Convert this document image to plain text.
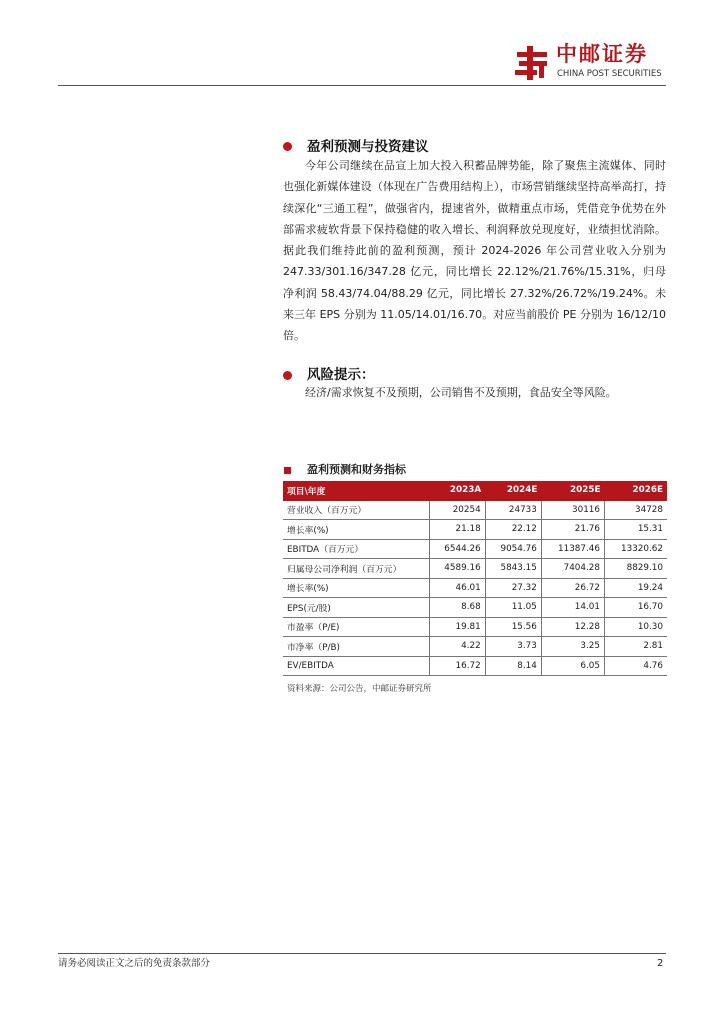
中邮证券
CHINA POST SECURITIES
盈利预测与投资建议
今年公司继续在品宣上加大投入积蓄品牌势能，除了聚焦主流媒体、同时也强化新媒体建设（体现在广告费用结构上），市场营销继续坚持高举高打，持续深化“三通工程”，做强省内，提速省外，做精重点市场，凭借竞争优势在外部需求疲软背景下保持稳健的收入增长、利润释放兑现度好，业绩担忧消除。据此我们维持此前的盈利预测，预计 2024-2026 年公司营业收入分别为 247.33/301.16/347.28 亿元，同比增长 22.12%/21.76%/15.31%，归母净利润 58.43/74.04/88.29 亿元，同比增长 27.32%/26.72%/19.24%。未来三年 EPS 分别为 11.05/14.01/16.70。对应当前股价 PE 分别为 16/12/10 倍。
风险提示：
经济/需求恢复不及预期，公司销售不及预期，食品安全等风险。
盈利预测和财务指标
项目\年度	2023A	2024E	2025E	2026E
营业收入（百万元）	20254	24733	30116	34728
增长率(%)	21.18	22.12	21.76	15.31
EBITDA（百万元）	6544.26	9054.76	11387.46	13320.62
归属母公司净利润（百万元）	4589.16	5843.15	7404.28	8829.10
增长率(%)	46.01	27.32	26.72	19.24
EPS(元/股)	8.68	11.05	14.01	16.70
市盈率（P/E)	19.81	15.56	12.28	10.30
市净率（P/B)	4.22	3.73	3.25	2.81
EV/EBITDA	16.72	8.14	6.05	4.76
资料来源：公司公告，中邮证券研究所
请务必阅读正文之后的免责条款部分	2
